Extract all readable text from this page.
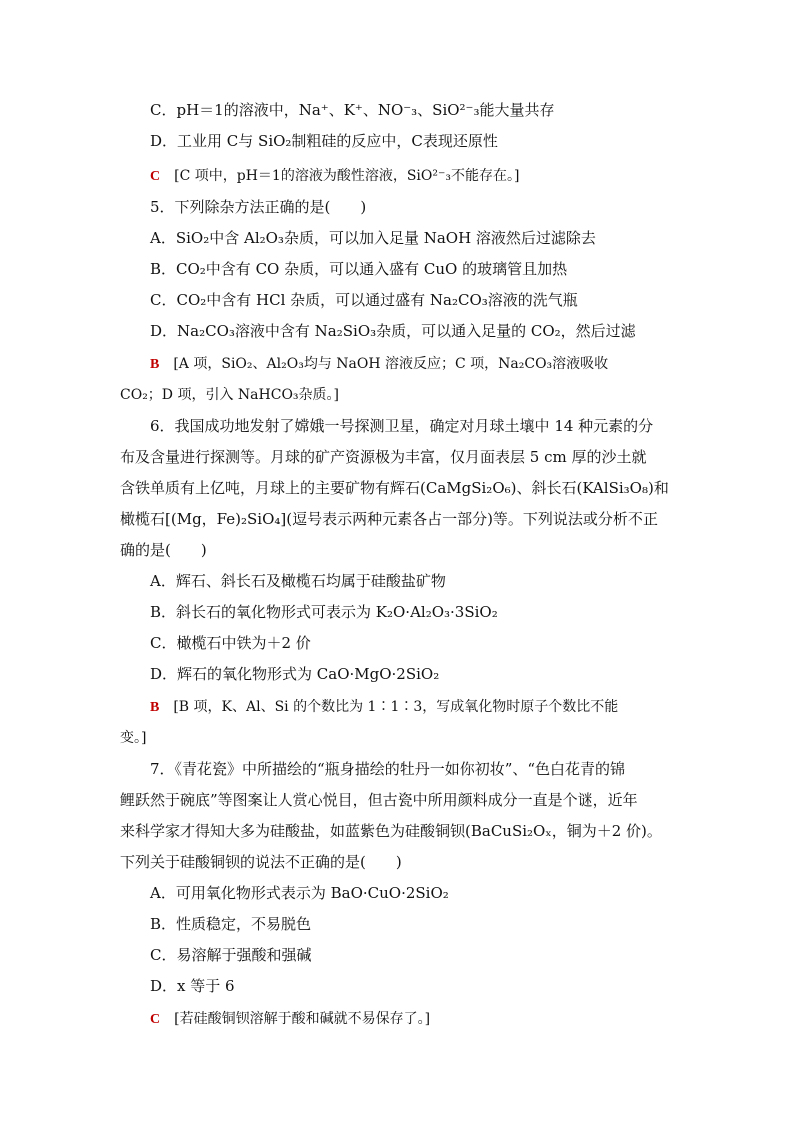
C．pH＝1的溶液中，Na⁺、K⁺、NO⁻₃、SiO²⁻₃能大量共存
D．工业用 C与 SiO₂制粗硅的反应中，C表现还原性
C [C 项中，pH＝1的溶液为酸性溶液，SiO²⁻₃不能存在。]
5．下列除杂方法正确的是(　　)
A．SiO₂中含 Al₂O₃杂质，可以加入足量 NaOH 溶液然后过滤除去
B．CO₂中含有 CO 杂质，可以通入盛有 CuO 的玻璃管且加热
C．CO₂中含有 HCl 杂质，可以通过盛有 Na₂CO₃溶液的洗气瓶
D．Na₂CO₃溶液中含有 Na₂SiO₃杂质，可以通入足量的 CO₂，然后过滤
B [A 项，SiO₂、Al₂O₃均与 NaOH 溶液反应；C 项，Na₂CO₃溶液吸收
CO₂；D 项，引入 NaHCO₃杂质。]
6．我国成功地发射了嫦娥一号探测卫星，确定对月球土壤中 14 种元素的分
布及含量进行探测等。月球的矿产资源极为丰富，仅月面表层 5 cm 厚的沙土就
含铁单质有上亿吨，月球上的主要矿物有辉石(CaMgSi₂O₆)、斜长石(KAlSi₃O₈)和
橄榄石[(Mg，Fe)₂SiO₄](逗号表示两种元素各占一部分)等。下列说法或分析不正
确的是(　　)
A．辉石、斜长石及橄榄石均属于硅酸盐矿物
B．斜长石的氧化物形式可表示为 K₂O·Al₂O₃·3SiO₂
C．橄榄石中铁为＋2 价
D．辉石的氧化物形式为 CaO·MgO·2SiO₂
B [B 项，K、Al、Si 的个数比为 1∶1∶3，写成氧化物时原子个数比不能
变。]
7．《青花瓷》中所描绘的“瓶身描绘的牡丹一如你初妆”、“色白花青的锦
鲤跃然于碗底”等图案让人赏心悦目，但古瓷中所用颜料成分一直是个谜，近年
来科学家才得知大多为硅酸盐，如蓝紫色为硅酸铜钡(BaCuSi₂Oₓ，铜为＋2 价)。
下列关于硅酸铜钡的说法不正确的是(　　)
A．可用氧化物形式表示为 BaO·CuO·2SiO₂
B．性质稳定，不易脱色
C．易溶解于强酸和强碱
D．x 等于 6
C [若硅酸铜钡溶解于酸和碱就不易保存了。]
